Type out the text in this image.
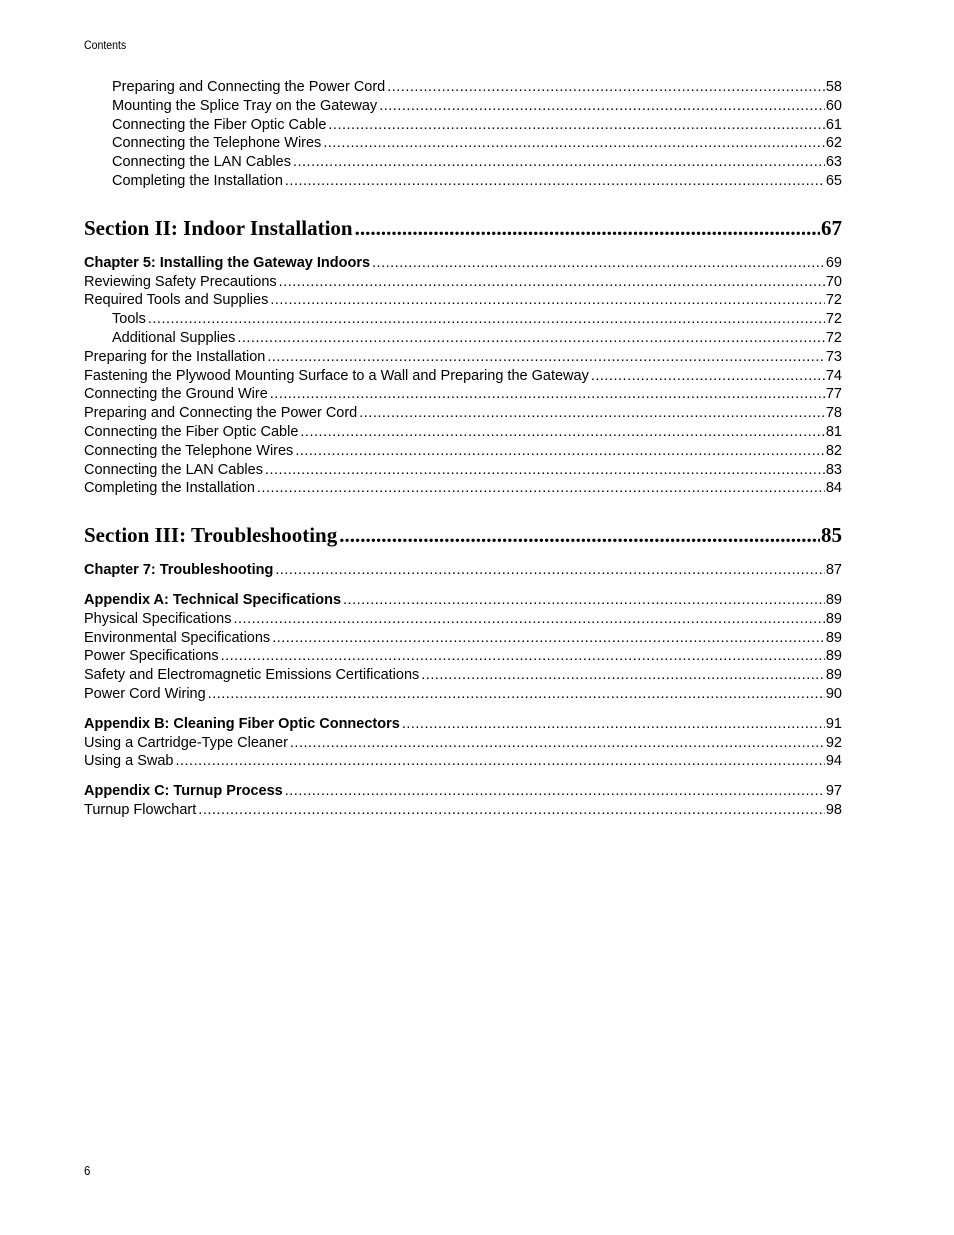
Contents
Preparing and Connecting the Power Cord .....	58
Mounting the Splice Tray on the Gateway .....	60
Connecting the Fiber Optic Cable .....	61
Connecting the Telephone Wires .....	62
Connecting the LAN Cables .....	63
Completing the Installation .....	65
Section II: Indoor Installation .....	67
Chapter 5: Installing the Gateway Indoors .....	69
Reviewing Safety Precautions .....	70
Required Tools and Supplies .....	72
Tools .....	72
Additional Supplies .....	72
Preparing for the Installation .....	73
Fastening the Plywood Mounting Surface to a Wall and Preparing the Gateway .....	74
Connecting the Ground Wire .....	77
Preparing and Connecting the Power Cord .....	78
Connecting the Fiber Optic Cable .....	81
Connecting the Telephone Wires .....	82
Connecting the LAN Cables .....	83
Completing the Installation .....	84
Section III: Troubleshooting .....	85
Chapter 7: Troubleshooting .....	87
Appendix A: Technical Specifications .....	89
Physical Specifications .....	89
Environmental Specifications .....	89
Power Specifications .....	89
Safety and Electromagnetic Emissions Certifications .....	89
Power Cord Wiring .....	90
Appendix B: Cleaning Fiber Optic Connectors .....	91
Using a Cartridge-Type Cleaner .....	92
Using a Swab .....	94
Appendix C: Turnup Process .....	97
Turnup Flowchart .....	98
6
